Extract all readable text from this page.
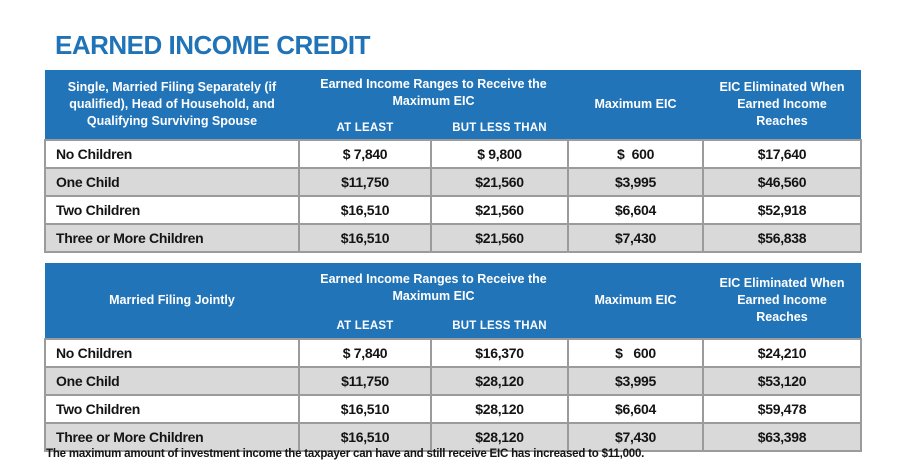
EARNED INCOME CREDIT
Single, Married Filing Separately (if qualified), Head of Household, and Qualifying Surviving Spouse	Earned Income Ranges to Receive the Maximum EIC		Maximum EIC	EIC Eliminated When Earned Income Reaches
	AT LEAST	BUT LESS THAN		
No Children	$ 7,840	$ 9,800	$  600	$17,640
One Child	$11,750	$21,560	$3,995	$46,560
Two Children	$16,510	$21,560	$6,604	$52,918
Three or More Children	$16,510	$21,560	$7,430	$56,838
Married Filing Jointly	Earned Income Ranges to Receive the Maximum EIC		Maximum EIC	EIC Eliminated When Earned Income Reaches
	AT LEAST	BUT LESS THAN		
No Children	$ 7,840	$16,370	$   600	$24,210
One Child	$11,750	$28,120	$3,995	$53,120
Two Children	$16,510	$28,120	$6,604	$59,478
Three or More Children	$16,510	$28,120	$7,430	$63,398

The maximum amount of investment income the taxpayer can have and still receive EIC has increased to $11,000.
